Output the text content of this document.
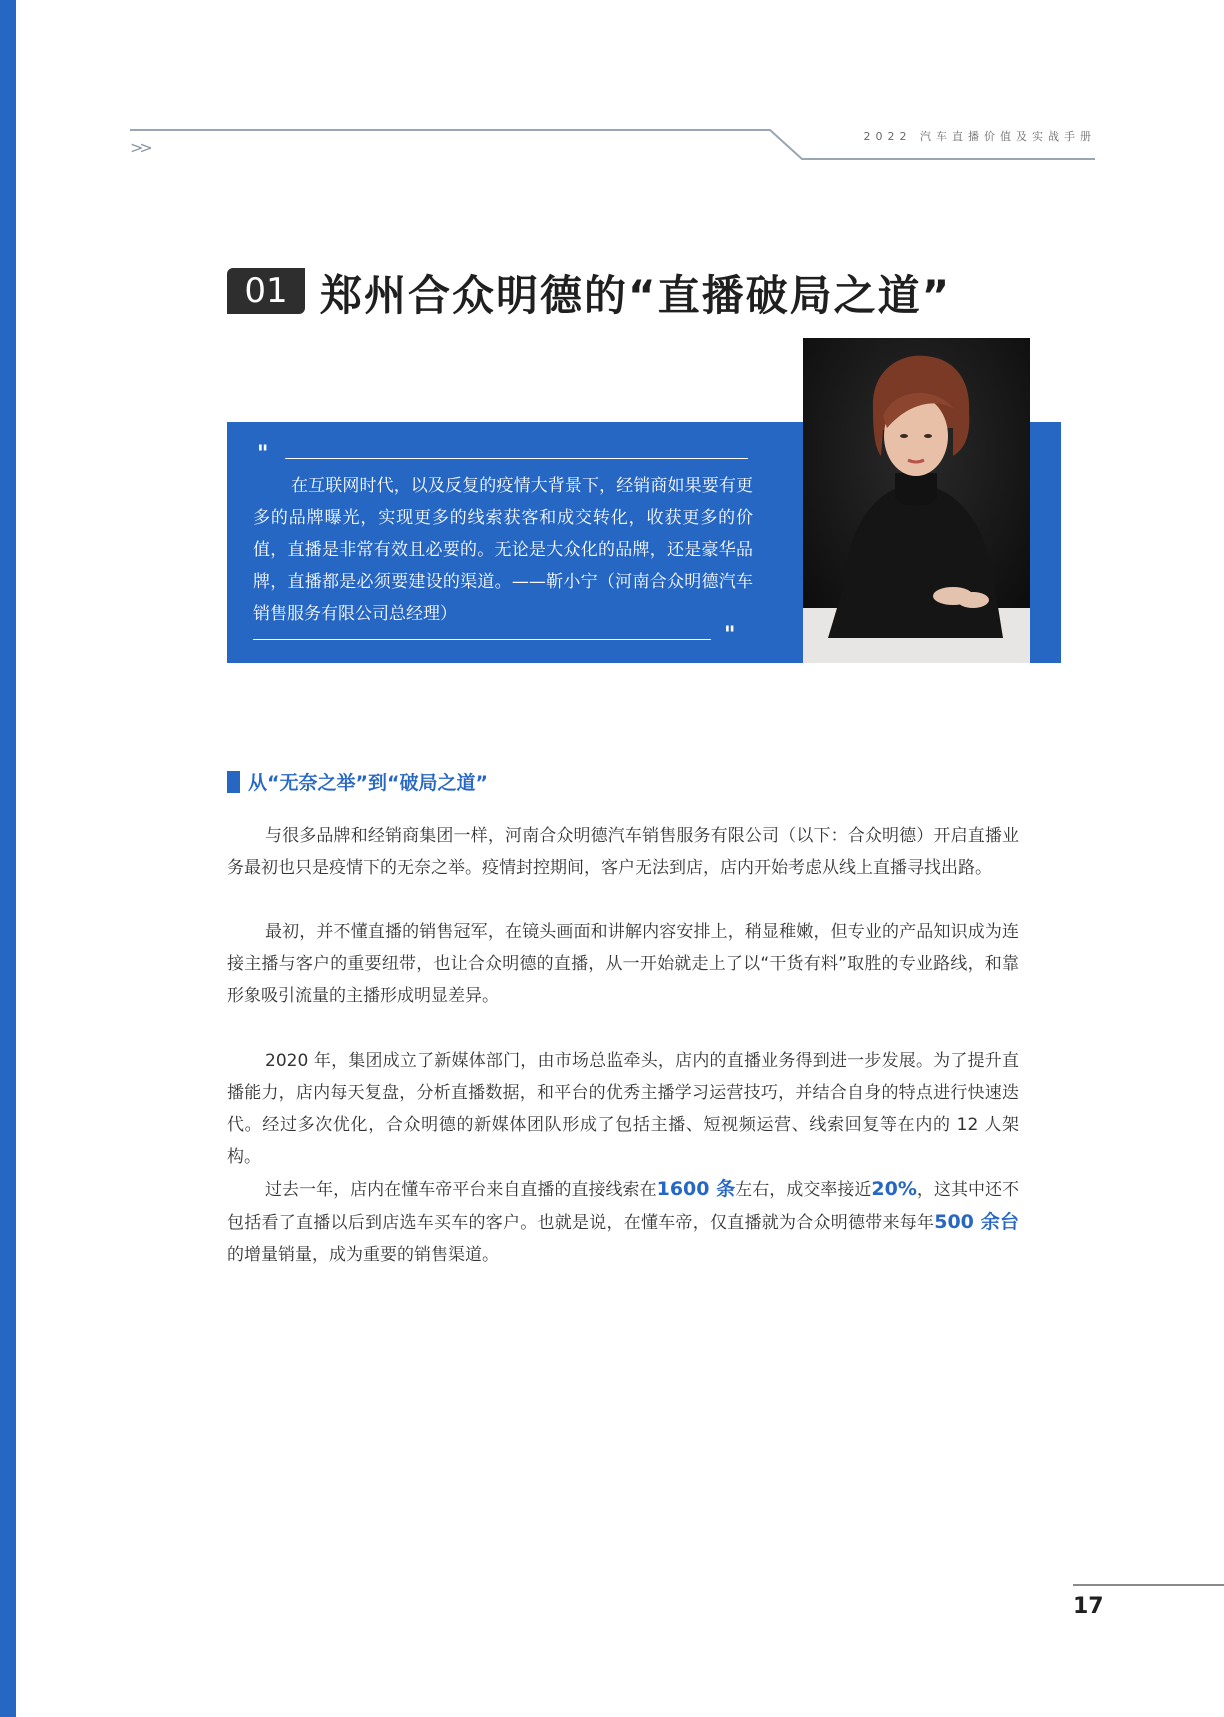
>>
2022 汽车直播价值及实战手册
01 郑州合众明德的“直播破局之道”
"
在互联网时代，以及反复的疫情大背景下，经销商如果要有更多的品牌曝光，实现更多的线索获客和成交转化，收获更多的价值，直播是非常有效且必要的。无论是大众化的品牌，还是豪华品牌，直播都是必须要建设的渠道。——靳小宁（河南合众明德汽车销售服务有限公司总经理）
"
从“无奈之举”到“破局之道”

与很多品牌和经销商集团一样，河南合众明德汽车销售服务有限公司（以下：合众明德）开启直播业务最初也只是疫情下的无奈之举。疫情封控期间，客户无法到店，店内开始考虑从线上直播寻找出路。

最初，并不懂直播的销售冠军，在镜头画面和讲解内容安排上，稍显稚嫩，但专业的产品知识成为连接主播与客户的重要纽带，也让合众明德的直播，从一开始就走上了以“干货有料”取胜的专业路线，和靠形象吸引流量的主播形成明显差异。

2020 年，集团成立了新媒体部门，由市场总监牵头，店内的直播业务得到进一步发展。为了提升直播能力，店内每天复盘，分析直播数据，和平台的优秀主播学习运营技巧，并结合自身的特点进行快速迭代。经过多次优化，合众明德的新媒体团队形成了包括主播、短视频运营、线索回复等在内的 12 人架构。

过去一年，店内在懂车帝平台来自直播的直接线索在1600 条左右，成交率接近20%，这其中还不包括看了直播以后到店选车买车的客户。也就是说，在懂车帝，仅直播就为合众明德带来每年500 余台的增量销量，成为重要的销售渠道。

17
